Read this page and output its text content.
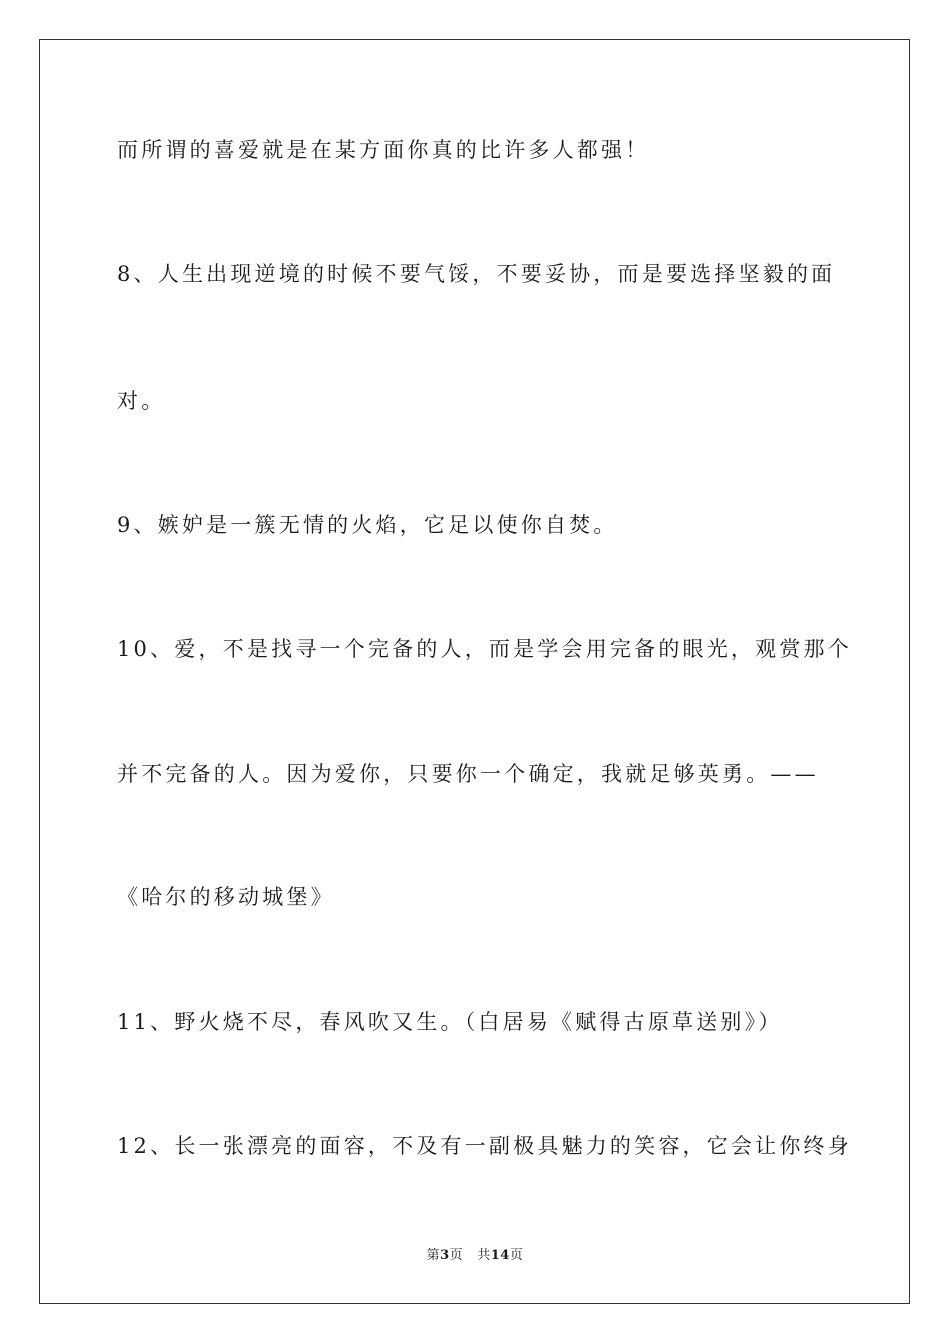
而所谓的喜爱就是在某方面你真的比许多人都强！
8、人生出现逆境的时候不要气馁，不要妥协，而是要选择坚毅的面
对。
9、嫉妒是一簇无情的火焰，它足以使你自焚。
10、爱，不是找寻一个完备的人，而是学会用完备的眼光，观赏那个
并不完备的人。因为爱你，只要你一个确定，我就足够英勇。——
《哈尔的移动城堡》
11、野火烧不尽，春风吹又生。（白居易《赋得古原草送别》）
12、长一张漂亮的面容，不及有一副极具魅力的笑容，它会让你终身
第3页 共14页
